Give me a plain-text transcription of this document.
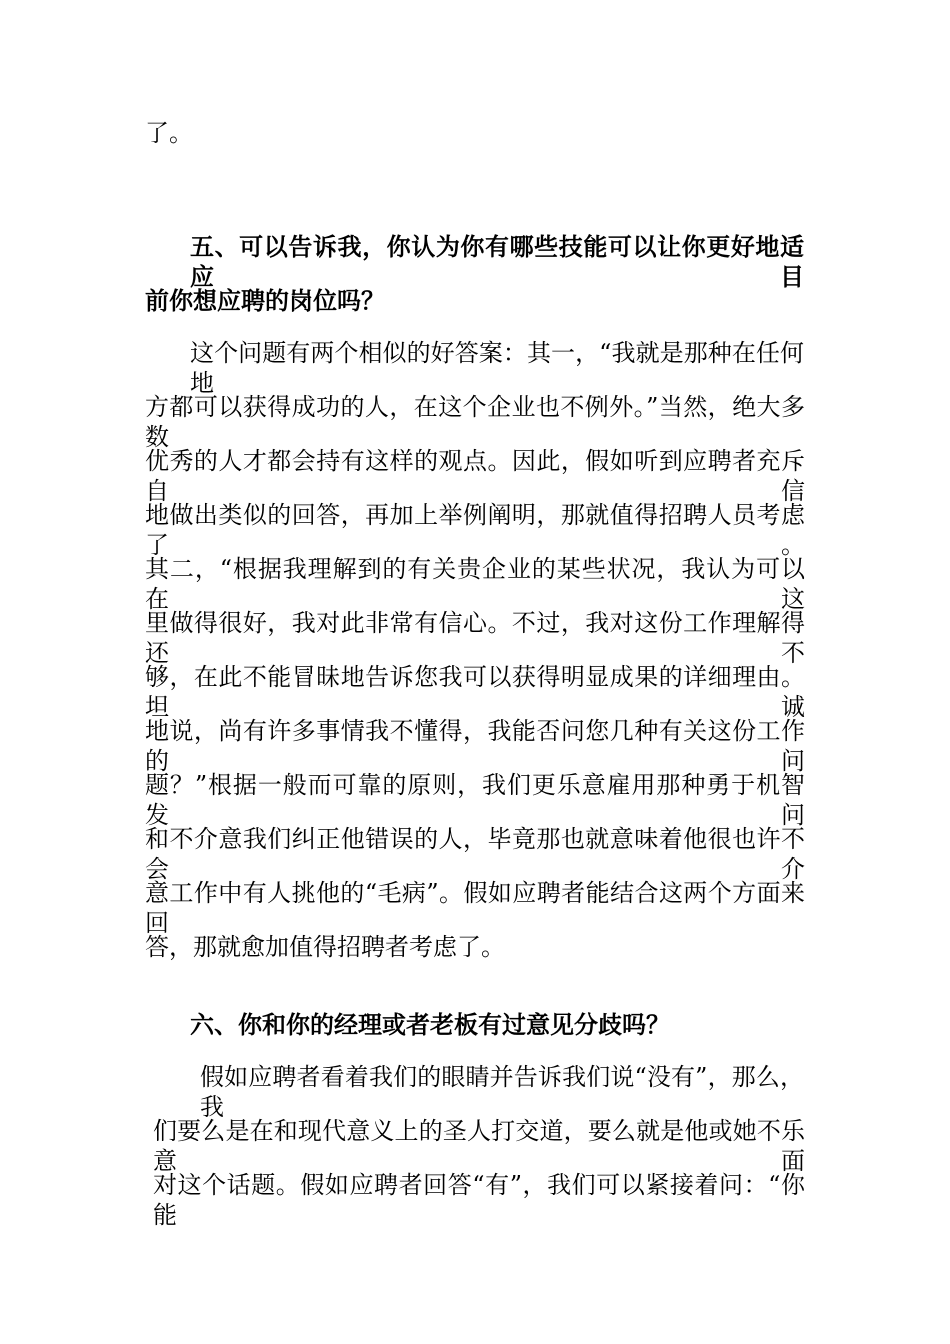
了。
五、可以告诉我，你认为你有哪些技能可以让你更好地适应目
前你想应聘的岗位吗？
这个问题有两个相似的好答案：其一，“我就是那种在任何地
方都可以获得成功的人，在这个企业也不例外。”当然，绝大多数
优秀的人才都会持有这样的观点。因此，假如听到应聘者充斥自信
地做出类似的回答，再加上举例阐明，那就值得招聘人员考虑了。
其二，“根据我理解到的有关贵企业的某些状况，我认为可以在这
里做得很好，我对此非常有信心。不过，我对这份工作理解得还不
够，在此不能冒昧地告诉您我可以获得明显成果的详细理由。坦诚
地说，尚有许多事情我不懂得，我能否问您几种有关这份工作的问
题？”根据一般而可靠的原则，我们更乐意雇用那种勇于机智发问
和不介意我们纠正他错误的人，毕竟那也就意味着他很也许不会介
意工作中有人挑他的“毛病”。假如应聘者能结合这两个方面来回
答，那就愈加值得招聘者考虑了。
六、你和你的经理或者老板有过意见分歧吗？
假如应聘者看着我们的眼睛并告诉我们说“没有”，那么，我
们要么是在和现代意义上的圣人打交道，要么就是他或她不乐意面
对这个话题。假如应聘者回答“有”，我们可以紧接着问：“你能
